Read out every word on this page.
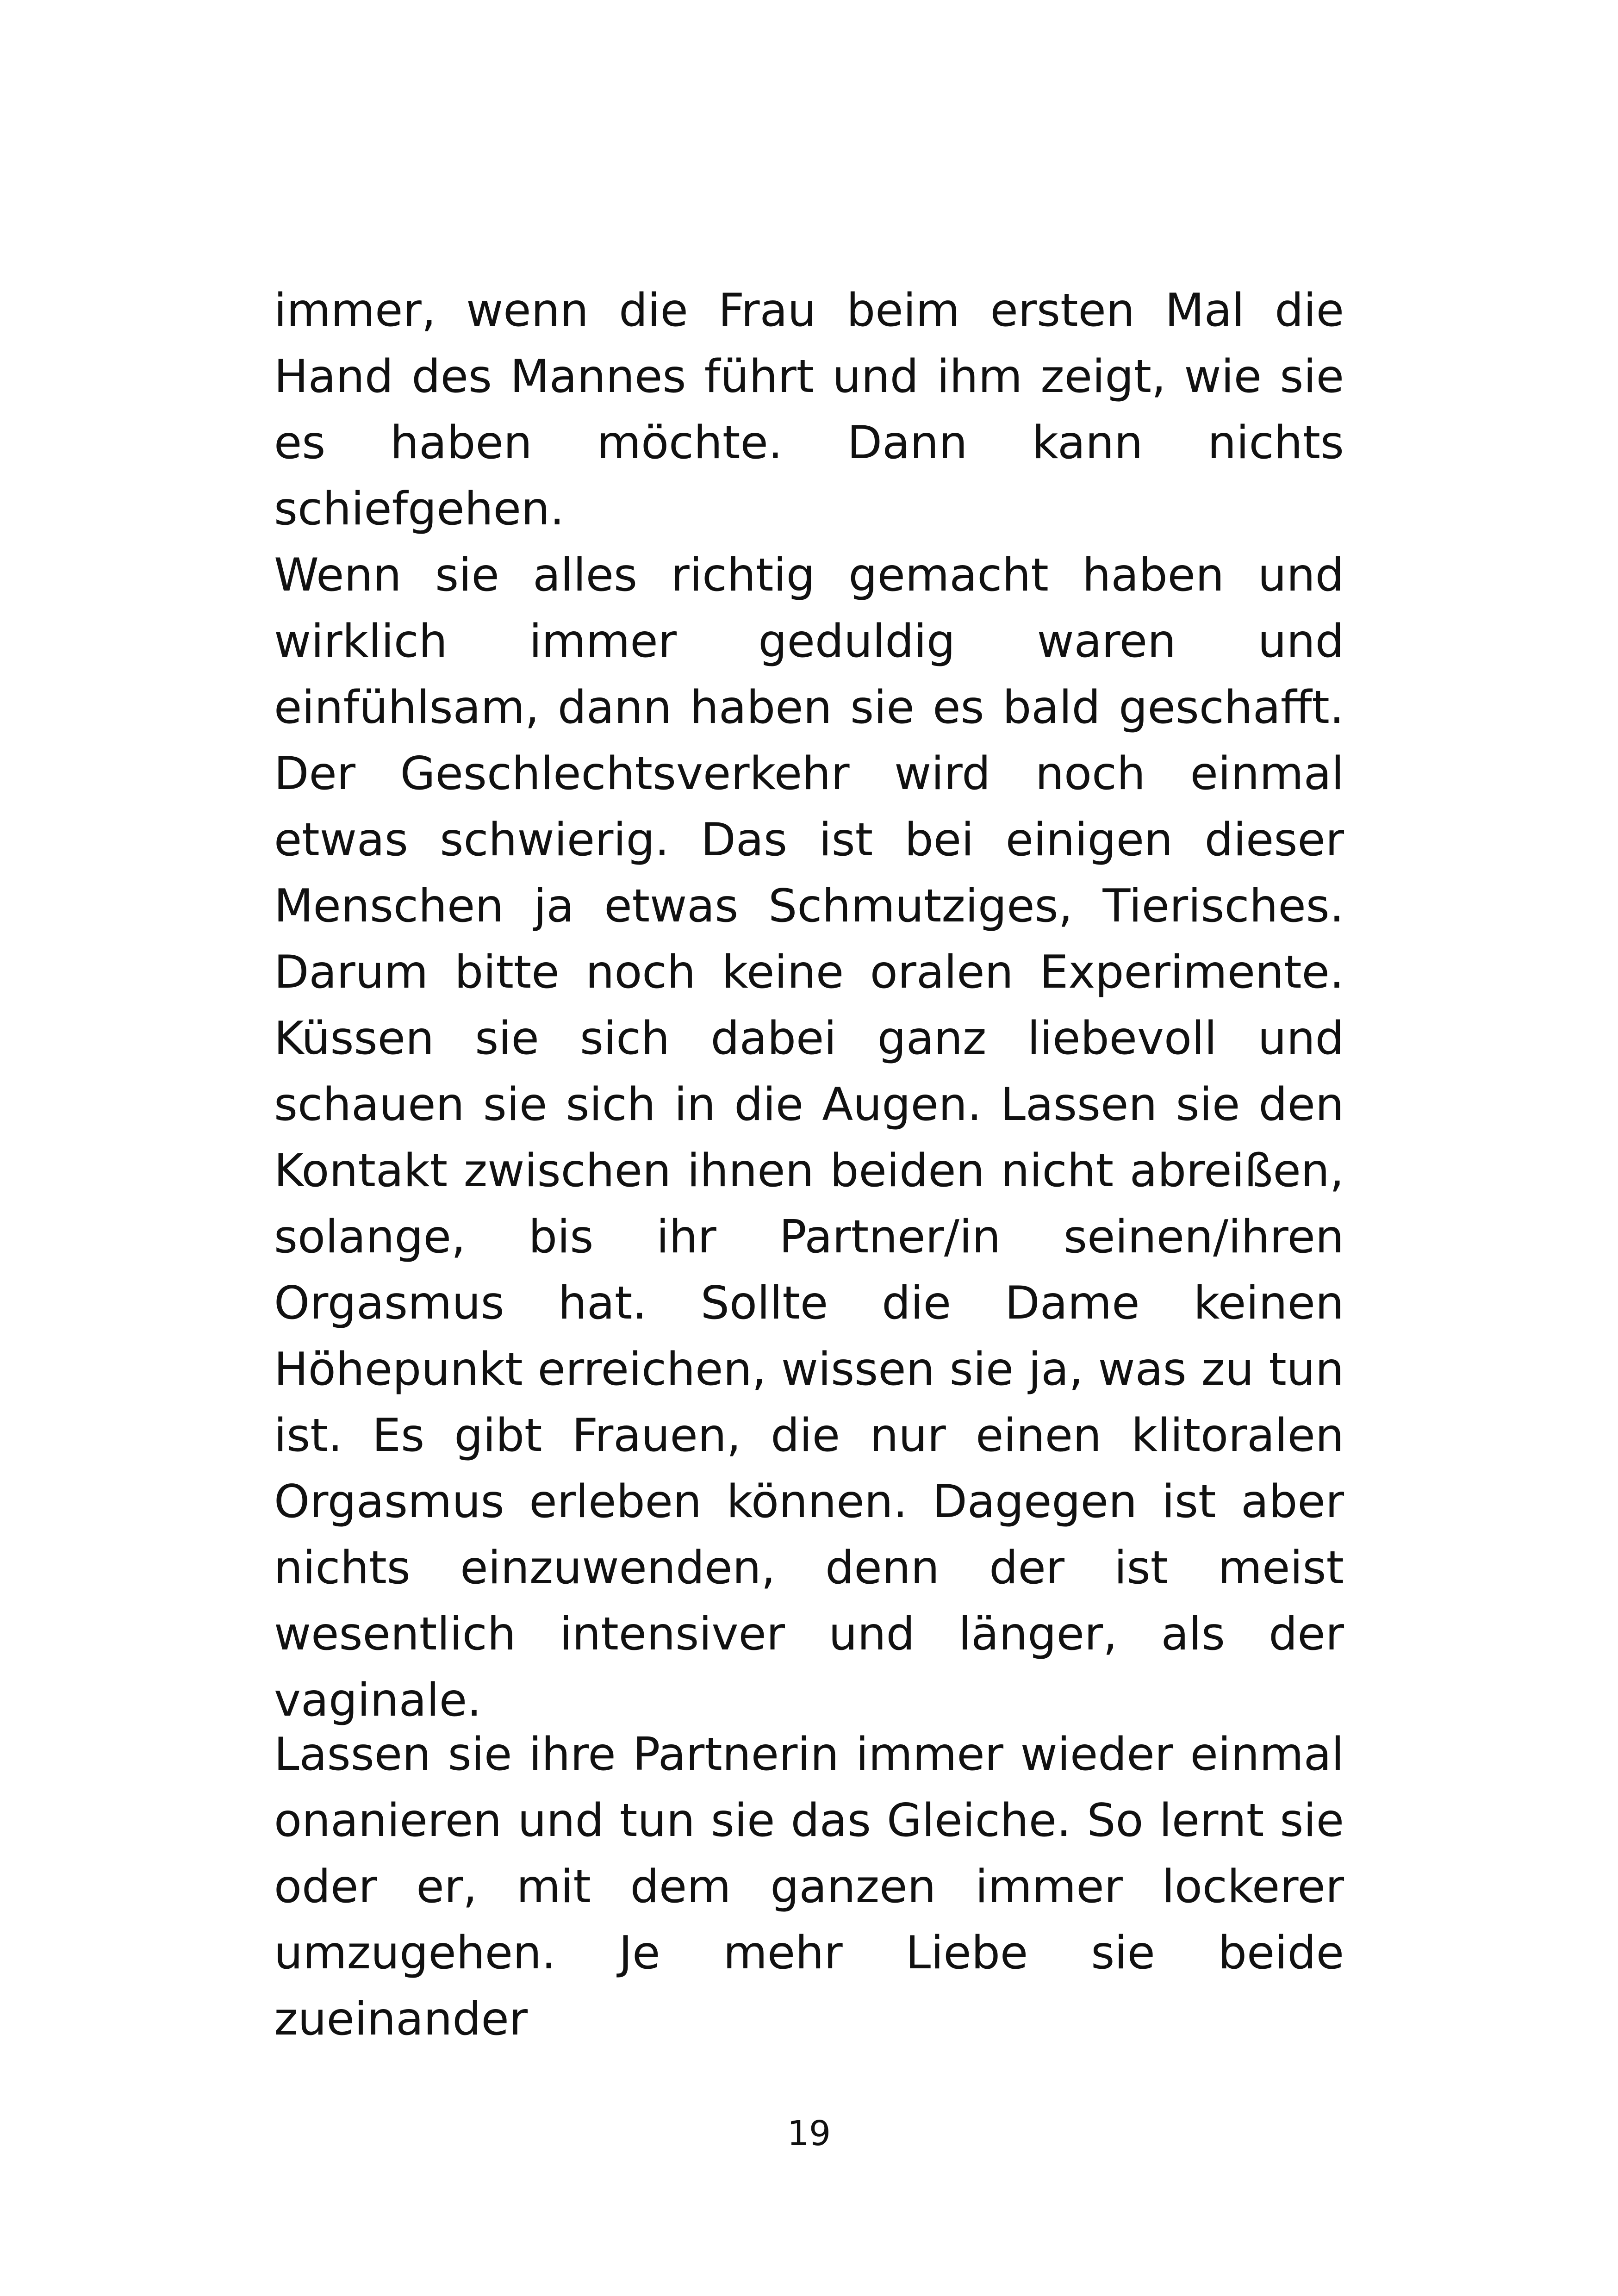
immer, wenn die Frau beim ersten Mal die Hand des Mannes führt und ihm zeigt, wie sie es haben möchte. Dann kann nichts schiefgehen.

Wenn sie alles richtig gemacht haben und wirklich immer geduldig waren und einfühlsam, dann haben sie es bald geschafft. Der Geschlechtsverkehr wird noch einmal etwas schwierig. Das ist bei einigen dieser Menschen ja etwas Schmutziges, Tierisches. Darum bitte noch keine oralen Experimente. Küssen sie sich dabei ganz liebevoll und schauen sie sich in die Augen. Lassen sie den Kontakt zwischen ihnen beiden nicht abreißen, solange, bis ihr Partner/in seinen/ihren Orgasmus hat. Sollte die Dame keinen Höhepunkt erreichen, wissen sie ja, was zu tun ist. Es gibt Frauen, die nur einen klitoralen Orgasmus erleben können. Dagegen ist aber nichts einzuwenden, denn der ist meist wesentlich intensiver und länger, als der vaginale.

Lassen sie ihre Partnerin immer wieder einmal onanieren und tun sie das Gleiche. So lernt sie oder er, mit dem ganzen immer lockerer umzugehen. Je mehr Liebe sie beide zueinander

19
